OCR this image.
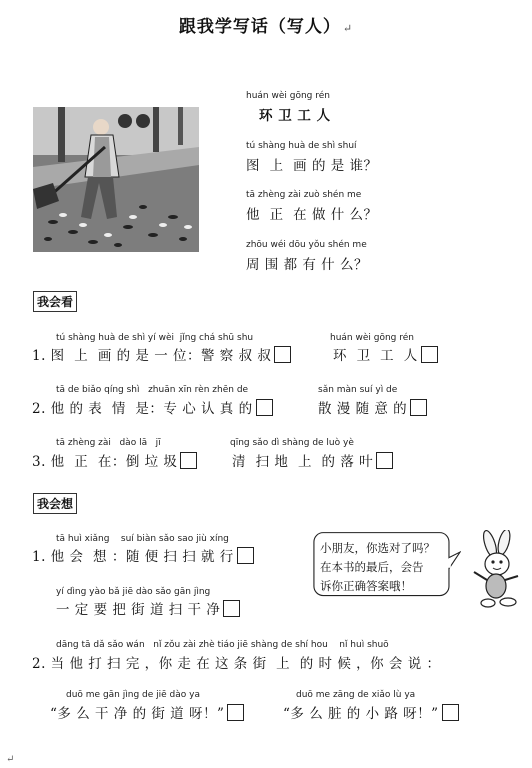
跟我学写话（写人） ↵
huán wèi gōng rén
环 卫 工 人
tú shàng huà de shì shuí
图  上  画 的 是 谁？
tā zhèng zài zuò shén me
他  正  在 做 什 么？
zhōu wéi dōu yǒu shén me
周 围 都 有 什 么？
我会看
tú shàng huà de shì yí wèi  jǐng chá shū shu
1. 图  上  画 的 是 一 位：警 察 叔 叔
huán wèi gōng rén
环  卫  工  人
tā de biǎo qíng shì   zhuān xīn rèn zhēn de
2. 他 的 表  情  是：专 心 认 真 的
sǎn màn suí yì de
散 漫 随 意 的
tā zhèng zài   dào lā   jī
3. 他  正  在：倒 垃 圾
qīng sǎo dì shàng de luò yè
清  扫 地  上  的 落 叶
我会想
tā huì xiǎng    suí biàn sǎo sao jiù xíng
1. 他 会  想 ：随 便 扫 扫 就 行
yí dìng yào bǎ jiē dào sǎo gān jìng
一 定 要 把 街 道 扫 干 净
dāng tā dǎ sǎo wán   nǐ zǒu zài zhè tiáo jiē shàng de shí hou    nǐ huì shuō
2. 当 他 打 扫 完 ，你 走 在 这 条 街  上  的 时 候 ，你 会 说 ：
duō me gān jìng de jiē dào ya
“多 么 干 净 的 街 道 呀！”
duō me zāng de xiǎo lù ya
“多 么 脏 的 小 路 呀！”
小朋友，你选对了吗？
在本书的最后，会告
诉你正确答案哦！
↵
